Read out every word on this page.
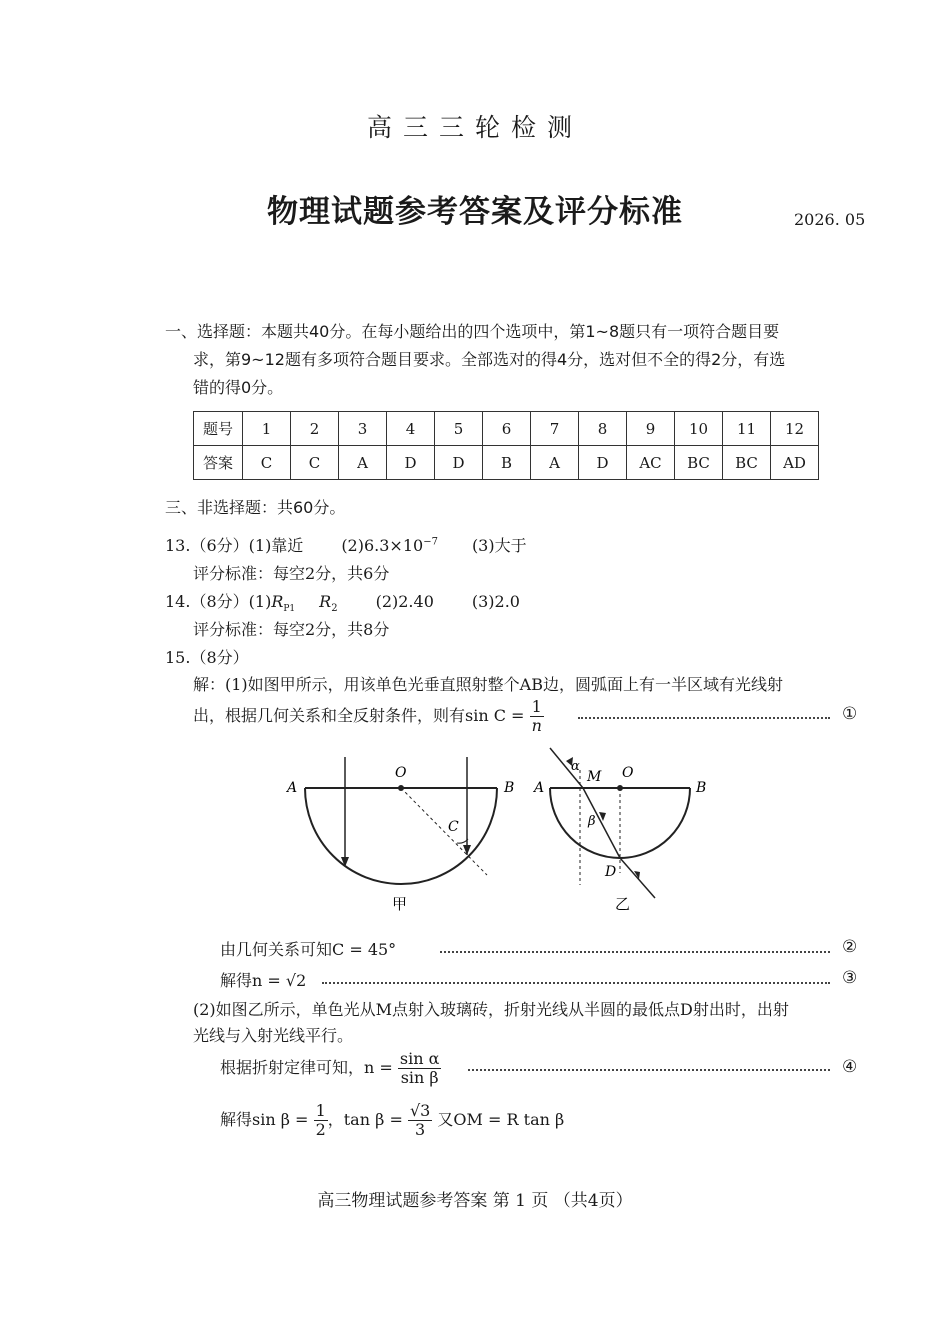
高三三轮检测
物理试题参考答案及评分标准	2026. 05
一、选择题：本题共40分。在每小题给出的四个选项中，第1~8题只有一项符合题目要
求，第9~12题有多项符合题目要求。全部选对的得4分，选对但不全的得2分，有选
错的得0分。
题号	1	2	3	4	5	6	7	8	9	10	11	12
答案	C	C	A	D	D	B	A	D	AC	BC	BC	AD
三、非选择题：共60分。
13.（6分）(1)靠近 $(2)6.3\times 10^{-7}$ (3)大于
评分标准：每空2分，共6分
14.（8分）$(1)R_{P1}$ $R_2$ (2)2.40 (3)2.0
评分标准：每空2分，共8分
15.（8分）
解：(1)如图甲所示，用该单色光垂直照射整个AB边，圆弧面上有一半区域有光线射
出，根据几何关系和全反射条件，则有$\sin C = \frac{1}{n}$	①
A
O
B
C
甲
A
M O
B
α
β
D
乙
由几何关系可知C = 45°	②
解得n = √2	③
(2)如图乙所示，单色光从M点射入玻璃砖，折射光线从半圆的最低点D射出时，出射
光线与入射光线平行。
根据折射定律可知，$n = \frac{\text{sin α}}{\text{sin β}}$	④
解得$\sin \beta = \frac{1}{2}$ ，$\tan \beta = \frac{√3}{3}$ 又OM = R tan β
高三物理试题参考答案 第 1 页 （共4页）
